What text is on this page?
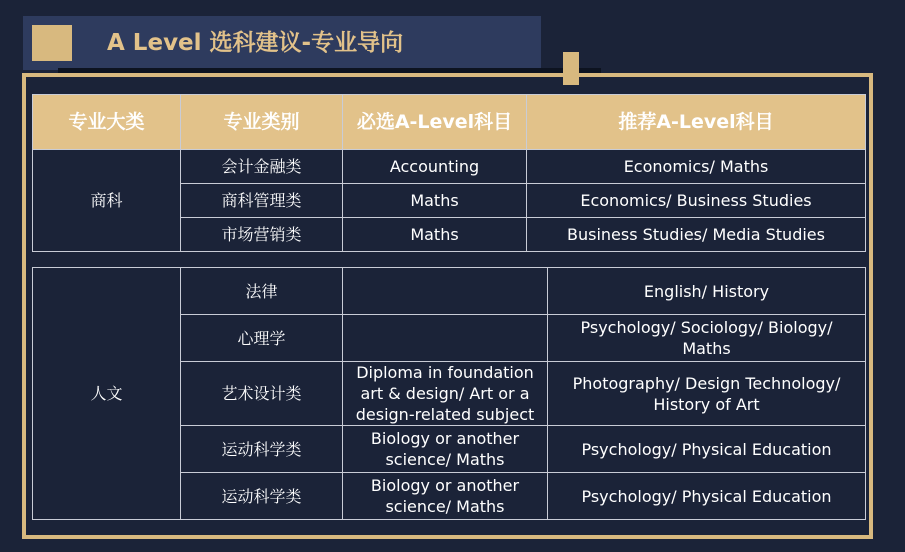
A Level 选科建议-专业导向
专业大类	专业类别	必选A-Level科目	推荐A-Level科目
商科	会计金融类	Accounting	Economics/ Maths
	商科管理类	Maths	Economics/ Business Studies
	市场营销类	Maths	Business Studies/ Media Studies
人文	法律		English/ History
	心理学		Psychology/ Sociology/ Biology/ Maths
	艺术设计类	Diploma in foundation art & design/ Art or a design-related subject	Photography/ Design Technology/ History of Art
	运动科学类	Biology or another science/ Maths	Psychology/ Physical Education
	运动科学类	Biology or another science/ Maths	Psychology/ Physical Education
